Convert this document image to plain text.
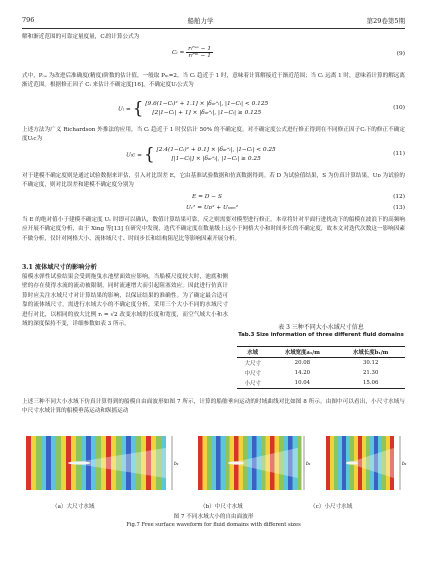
796	船舶力学	第29卷第5期
解和渐近范围的可靠定量度量，Cᵢ的计算公式为
Cᵢ = $\frac{\text{rᵢᴾᵉˣ − 1}}{\text{rᵢᴾᵗʰ − 1}}$	(9)
式中，Pₒₑ 为改进后准确度(精度)阶数的估计值，一般取 Pₜₕ=2。当 Cᵢ 趋近于 1 时，意味着计算解接近于渐近范围；当 Cᵢ 远离 1 时，意味着计算的解远离渐近范围。根据修正因子 Cᵢ 来估计不确定度[16]，不确定度Uᵢ公式为
Uᵢ = { [9.6(1−Cᵢ)² + 1.1] × |δₐᵣᵉᵢ|, |1−Cᵢ| < 0.125
[2|1−Cᵢ| + 1] × |δₐᵣᵉᵢ|, |1−Cᵢ| ≥ 0.125
(10)
上述方法为广义 Richardson 外推法的应用，当 Cᵢ 趋近于 1 时仅估计 50% 的不确定度。对不确定度公式进行修正得到在不同修正因子Cᵢ下的修正不确定度Uᵢc为
Uᵢc = { [2.4(1−Cᵢ)² + 0.1] × |δₐᵣᵉᵢ|, |1−Cᵢ| < 0.25
[|1−Cᵢ|] × |δₐᵣᵉᵢ|, |1−Cᵢ| ≥ 0.25
(11)
对于建模不确定度则是通过试验数据来评估，引入对比误差 E，它由基准试验数据和仿真数据得到。若 D 为试验值结果，S 为仿真计算结果，Uᴅ 为试验的不确定度，则对比误差和建模不确定度分别为
E = D − S	(12)
Uᵥ² = Uᴅ² + Uₛₙₘ²	(13)
当 E 的绝对值小于建模不确定度 Uᵥ 时即可以确认，数值计算结果可靠，反之则需要对模型进行修正。本章将针对平面行进扰动下的船模在波浪下的高频响应开展不确定度分析，由于 Xing 等[13] 在研究中发现，迭代不确定度在数量级上远小于网格大小和时间步长的不确定度，故本文对迭代次数这一影响因素不做分析，仅针对网格大小、流体域尺寸、时间步长和结构阻尼比等影响因素开展分析。
3.1 流体域尺寸的影响分析
船模水弹性试验结果会受到拖曳水池壁面效应影响，当船模尺度较大时，池底和侧壁的存在使得水流的流动被限制，同时流速增大而引起阻塞效应。因此进行仿真计算时应关注水域尺寸对计算结果的影响，以保证结果的准确性。为了确定最合适可靠的流体域尺寸，需进行水域大小的不确定度分析，采用三个大小不同的水域尺寸进行对比，以相同的放大比例 rᵢ = √2 改变水域的长度和宽度，而空气域大小和水域的深度保持不变，详细参数如表 3 所示。	表 3 三种不同大小水域尺寸信息
Tab.3 Size information of three different fluid domains
水域	水域宽度a₁/m	水域长度b₁/m
大尺寸	20.08	30.12
中尺寸	14.20	21.30
小尺寸	10.04	15.06
上述三种不同大小水域下仿真计算得到的船模自由面波形如图 7 所示，计算的船舶垂向运动的时域曲线对比如图 8 所示。由图中可以看出，小尺寸水域与中尺寸水域计算的船模垂荡运动和纵摇运动
b₁	b₁	b₁
（a）大尺寸水域	（b）中尺寸水域	（c）小尺寸水域
图 7 不同水域大小的自由面波形
Fig.7 Free surface waveform for fluid domains with different sizes
